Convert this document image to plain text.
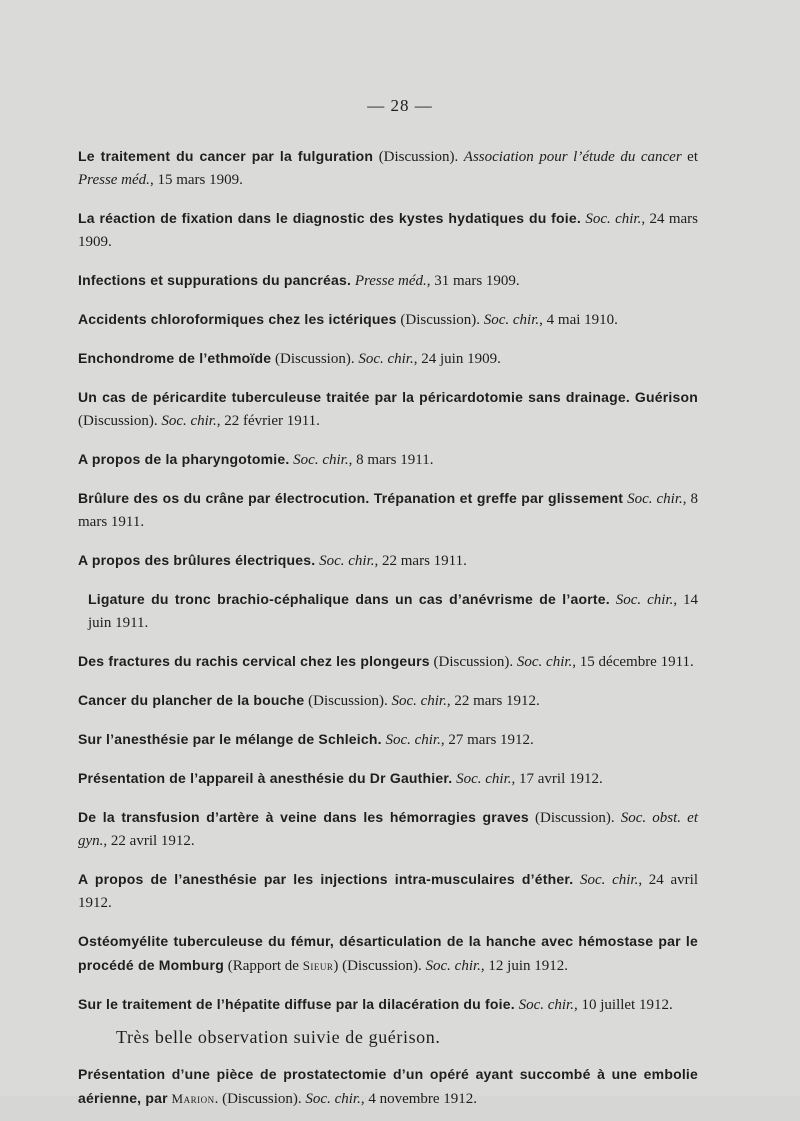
— 28 —

Le traitement du cancer par la fulguration (Discussion). Association pour l’étude du cancer et Presse méd., 15 mars 1909.

La réaction de fixation dans le diagnostic des kystes hydatiques du foie. Soc. chir., 24 mars 1909.

Infections et suppurations du pancréas. Presse méd., 31 mars 1909.

Accidents chloroformiques chez les ictériques (Discussion). Soc. chir., 4 mai 1910.

Enchondrome de l’ethmoïde (Discussion). Soc. chir., 24 juin 1909.

Un cas de péricardite tuberculeuse traitée par la péricardotomie sans drainage. Guérison (Discussion). Soc. chir., 22 février 1911.

A propos de la pharyngotomie. Soc. chir., 8 mars 1911.

Brûlure des os du crâne par électrocution. Trépanation et greffe par glissement Soc. chir., 8 mars 1911.

A propos des brûlures électriques. Soc. chir., 22 mars 1911.

Ligature du tronc brachio-céphalique dans un cas d’anévrisme de l’aorte. Soc. chir., 14 juin 1911.

Des fractures du rachis cervical chez les plongeurs (Discussion). Soc. chir., 15 décembre 1911.

Cancer du plancher de la bouche (Discussion). Soc. chir., 22 mars 1912.

Sur l’anesthésie par le mélange de Schleich. Soc. chir., 27 mars 1912.

Présentation de l’appareil à anesthésie du Dr Gauthier. Soc. chir., 17 avril 1912.

De la transfusion d’artère à veine dans les hémorragies graves (Discussion). Soc. obst. et gyn., 22 avril 1912.

A propos de l’anesthésie par les injections intra-musculaires d’éther. Soc. chir., 24 avril 1912.

Ostéomyélite tuberculeuse du fémur, désarticulation de la hanche avec hémostase par le procédé de Momburg (Rapport de Sieur) (Discussion). Soc. chir., 12 juin 1912.

Sur le traitement de l’hépatite diffuse par la dilacération du foie. Soc. chir., 10 juillet 1912.

Très belle observation suivie de guérison.

Présentation d’une pièce de prostatectomie d’un opéré ayant succombé à une embolie aérienne, par Marion. (Discussion). Soc. chir., 4 novembre 1912.
